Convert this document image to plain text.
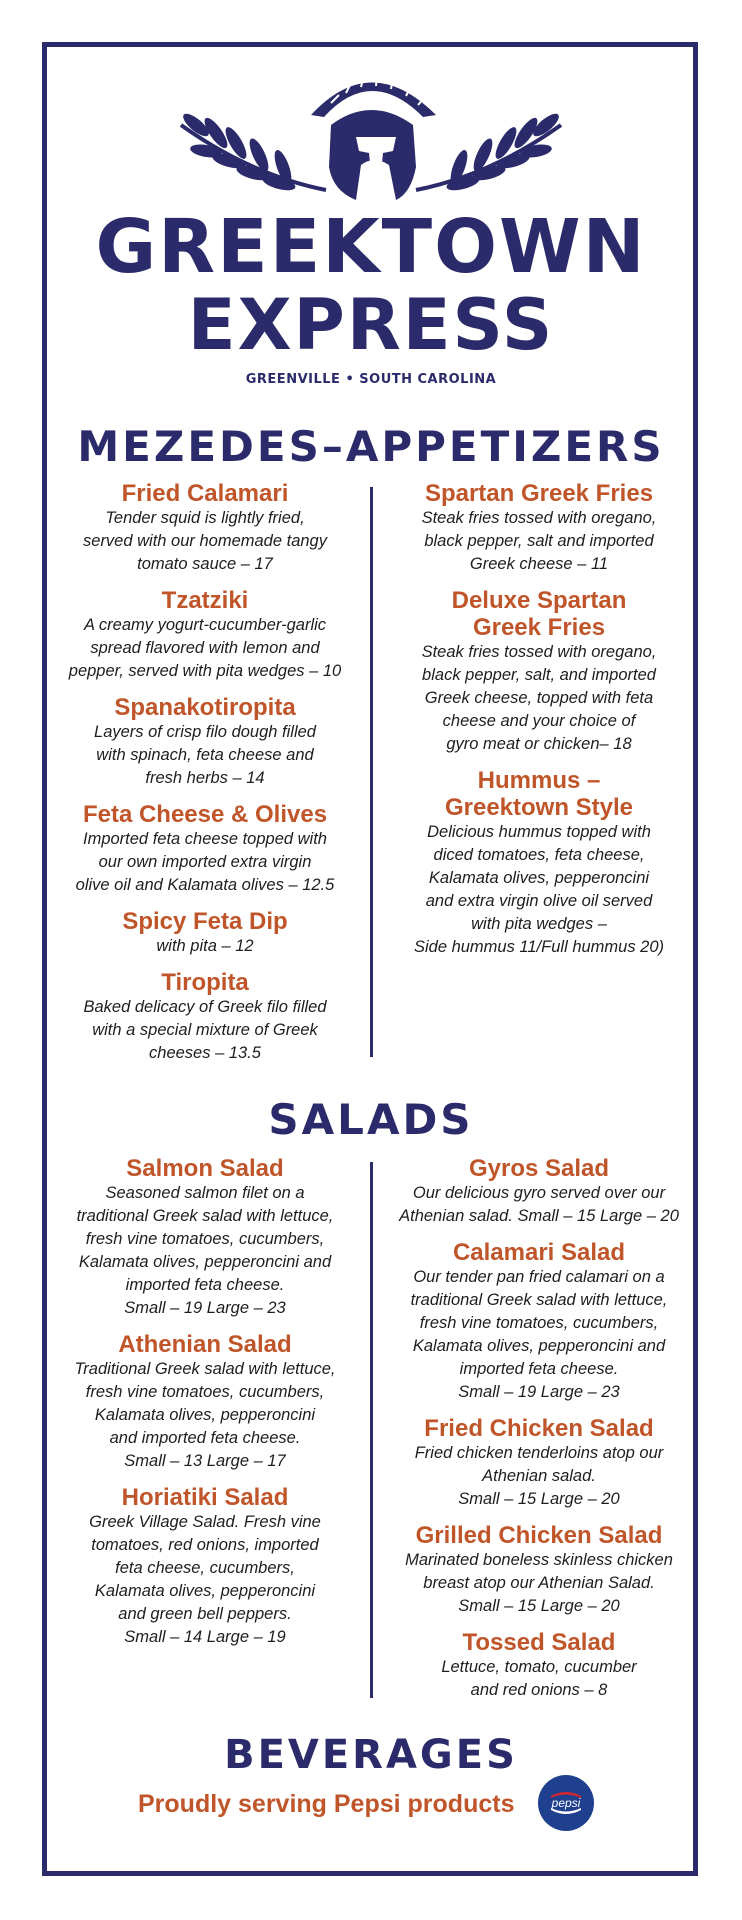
GREEKTOWN
EXPRESS
GREENVILLE • SOUTH CAROLINA
MEZEDES–APPETIZERS
Fried Calamari
Tender squid is lightly fried,
served with our homemade tangy
tomato sauce – 17
Tzatziki
A creamy yogurt-cucumber-garlic
spread flavored with lemon and
pepper, served with pita wedges – 10
Spanakotiropita
Layers of crisp filo dough filled
with spinach, feta cheese and
fresh herbs – 14
Feta Cheese & Olives
Imported feta cheese topped with
our own imported extra virgin
olive oil and Kalamata olives – 12.5
Spicy Feta Dip
with pita – 12
Tiropita
Baked delicacy of Greek filo filled
with a special mixture of Greek
cheeses – 13.5
Spartan Greek Fries
Steak fries tossed with oregano,
black pepper, salt and imported
Greek cheese – 11
Deluxe Spartan
Greek Fries
Steak fries tossed with oregano,
black pepper, salt, and imported
Greek cheese, topped with feta
cheese and your choice of
gyro meat or chicken– 18
Hummus –
Greektown Style
Delicious hummus topped with
diced tomatoes, feta cheese,
Kalamata olives, pepperoncini
and extra virgin olive oil served
with pita wedges –
Side hummus 11/Full hummus 20)
SALADS
Salmon Salad
Seasoned salmon filet on a
traditional Greek salad with lettuce,
fresh vine tomatoes, cucumbers,
Kalamata olives, pepperoncini and
imported feta cheese.
Small – 19 Large – 23
Athenian Salad
Traditional Greek salad with lettuce,
fresh vine tomatoes, cucumbers,
Kalamata olives, pepperoncini
and imported feta cheese.
Small – 13 Large – 17
Horiatiki Salad
Greek Village Salad. Fresh vine
tomatoes, red onions, imported
feta cheese, cucumbers,
Kalamata olives, pepperoncini
and green bell peppers.
Small – 14 Large – 19
Gyros Salad
Our delicious gyro served over our
Athenian salad. Small – 15 Large – 20
Calamari Salad
Our tender pan fried calamari on a
traditional Greek salad with lettuce,
fresh vine tomatoes, cucumbers,
Kalamata olives, pepperoncini and
imported feta cheese.
Small – 19 Large – 23
Fried Chicken Salad
Fried chicken tenderloins atop our
Athenian salad.
Small – 15 Large – 20
Grilled Chicken Salad
Marinated boneless skinless chicken
breast atop our Athenian Salad.
Small – 15 Large – 20
Tossed Salad
Lettuce, tomato, cucumber
and red onions – 8
BEVERAGES
Proudly serving Pepsi products	pepsi
